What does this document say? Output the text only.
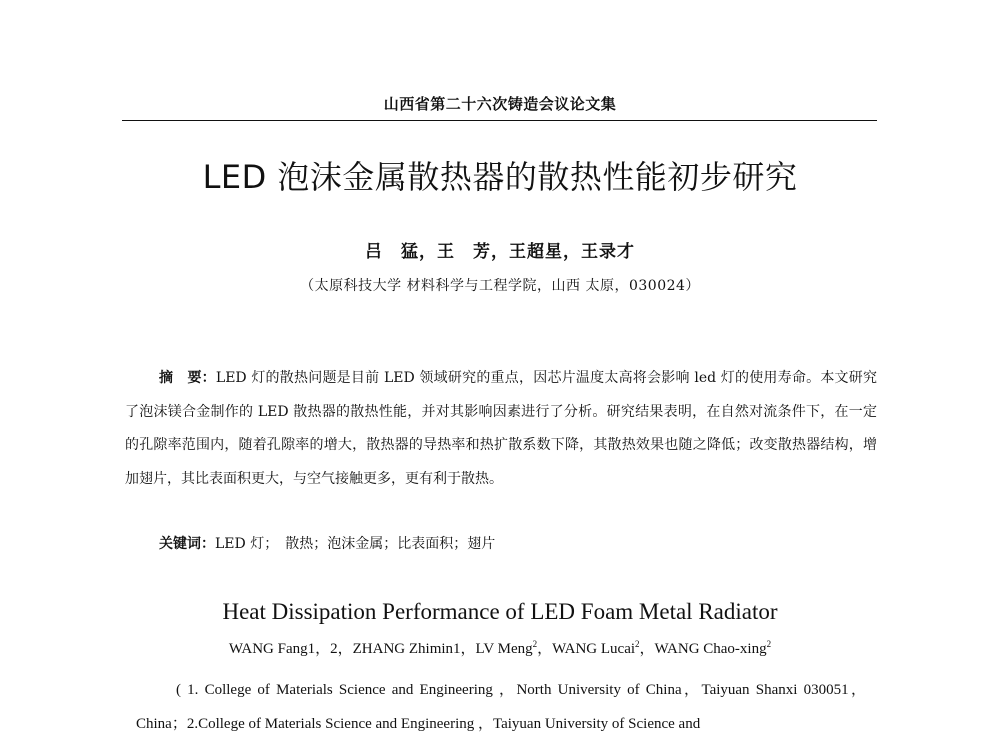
山西省第二十六次铸造会议论文集
LED 泡沫金属散热器的散热性能初步研究
吕　猛，王　芳，王超星，王录才
（太原科技大学 材料科学与工程学院，山西 太原，030024）
摘　要：LED 灯的散热问题是目前 LED 领域研究的重点，因芯片温度太高将会影响 led 灯的使用寿命。本文研究了泡沫镁合金制作的 LED 散热器的散热性能，并对其影响因素进行了分析。研究结果表明，在自然对流条件下，在一定的孔隙率范围内，随着孔隙率的增大，散热器的导热率和热扩散系数下降，其散热效果也随之降低；改变散热器结构，增加翅片，其比表面积更大，与空气接触更多，更有利于散热。
关键词：LED 灯；　散热；泡沫金属；比表面积；翅片
Heat Dissipation Performance of LED Foam Metal Radiator
WANG Fang1，2，ZHANG Zhimin1，LV Meng$^2$，WANG Lucai$^2$，WANG Chao-xing$^2$
( 1. College of Materials Science and Engineering ，North University of China，Taiyuan Shanxi 030051，China；2.College of Materials Science and Engineering ，Taiyuan University of Science and
